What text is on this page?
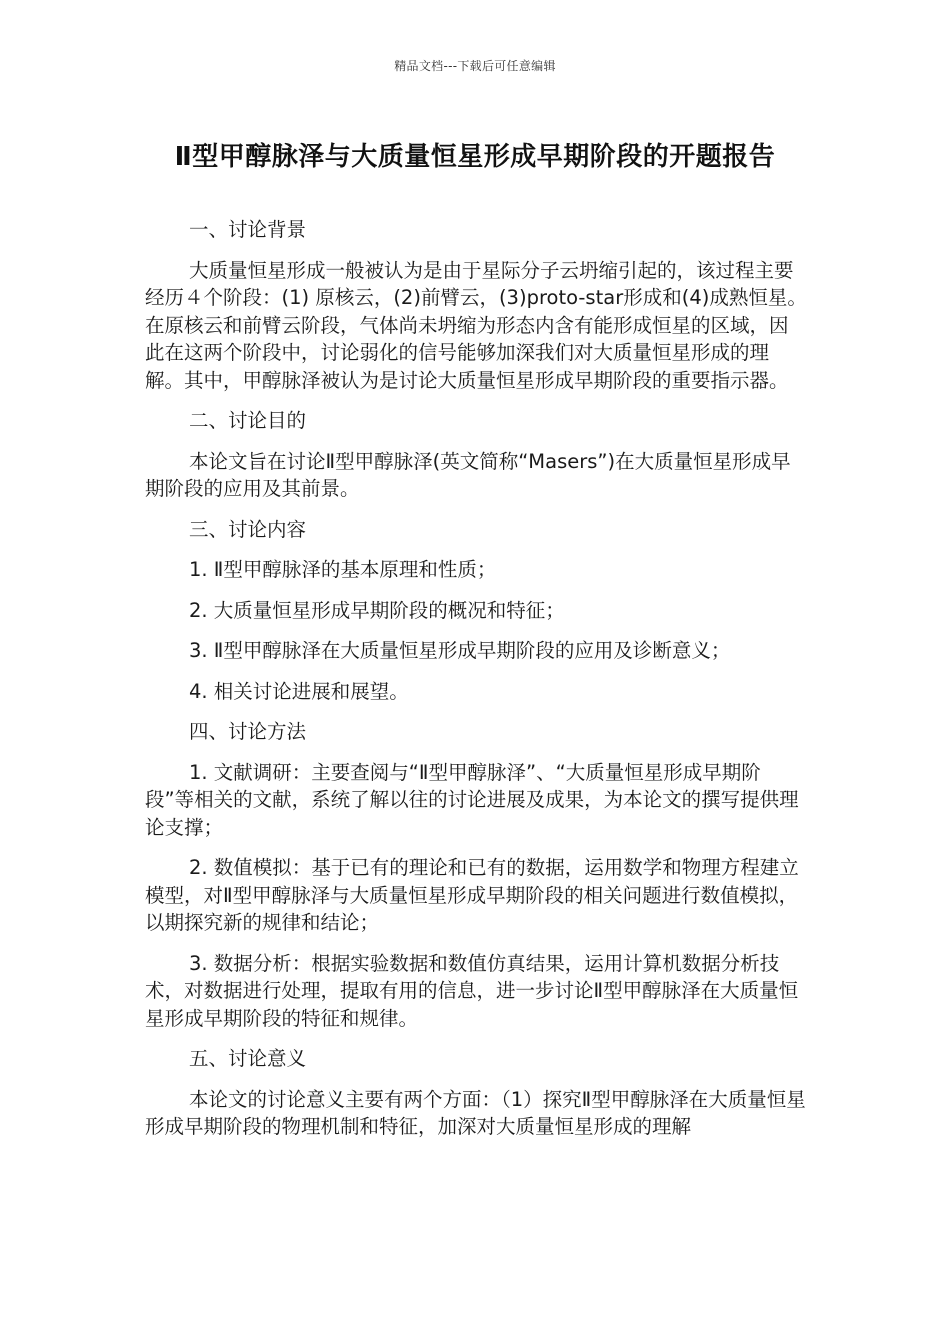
精品文档---下载后可任意编辑
Ⅱ型甲醇脉泽与大质量恒星形成早期阶段的开题报告

一、讨论背景

大质量恒星形成一般被认为是由于星际分子云坍缩引起的，该过程主要经历４个阶段：(1) 原核云，(2)前臂云，(3)proto-star形成和(4)成熟恒星。在原核云和前臂云阶段，气体尚未坍缩为形态内含有能形成恒星的区域，因此在这两个阶段中，讨论弱化的信号能够加深我们对大质量恒星形成的理解。其中，甲醇脉泽被认为是讨论大质量恒星形成早期阶段的重要指示器。

二、讨论目的

本论文旨在讨论Ⅱ型甲醇脉泽(英文简称“Masers”)在大质量恒星形成早期阶段的应用及其前景。

三、讨论内容

1. Ⅱ型甲醇脉泽的基本原理和性质；

2. 大质量恒星形成早期阶段的概况和特征；

3. Ⅱ型甲醇脉泽在大质量恒星形成早期阶段的应用及诊断意义；

4. 相关讨论进展和展望。

四、讨论方法

1. 文献调研：主要查阅与“Ⅱ型甲醇脉泽”、“大质量恒星形成早期阶段”等相关的文献，系统了解以往的讨论进展及成果，为本论文的撰写提供理论支撑；

2. 数值模拟：基于已有的理论和已有的数据，运用数学和物理方程建立模型，对Ⅱ型甲醇脉泽与大质量恒星形成早期阶段的相关问题进行数值模拟，以期探究新的规律和结论；

3. 数据分析：根据实验数据和数值仿真结果，运用计算机数据分析技术，对数据进行处理，提取有用的信息，进一步讨论Ⅱ型甲醇脉泽在大质量恒星形成早期阶段的特征和规律。

五、讨论意义

本论文的讨论意义主要有两个方面：（1）探究Ⅱ型甲醇脉泽在大质量恒星形成早期阶段的物理机制和特征，加深对大质量恒星形成的理解
